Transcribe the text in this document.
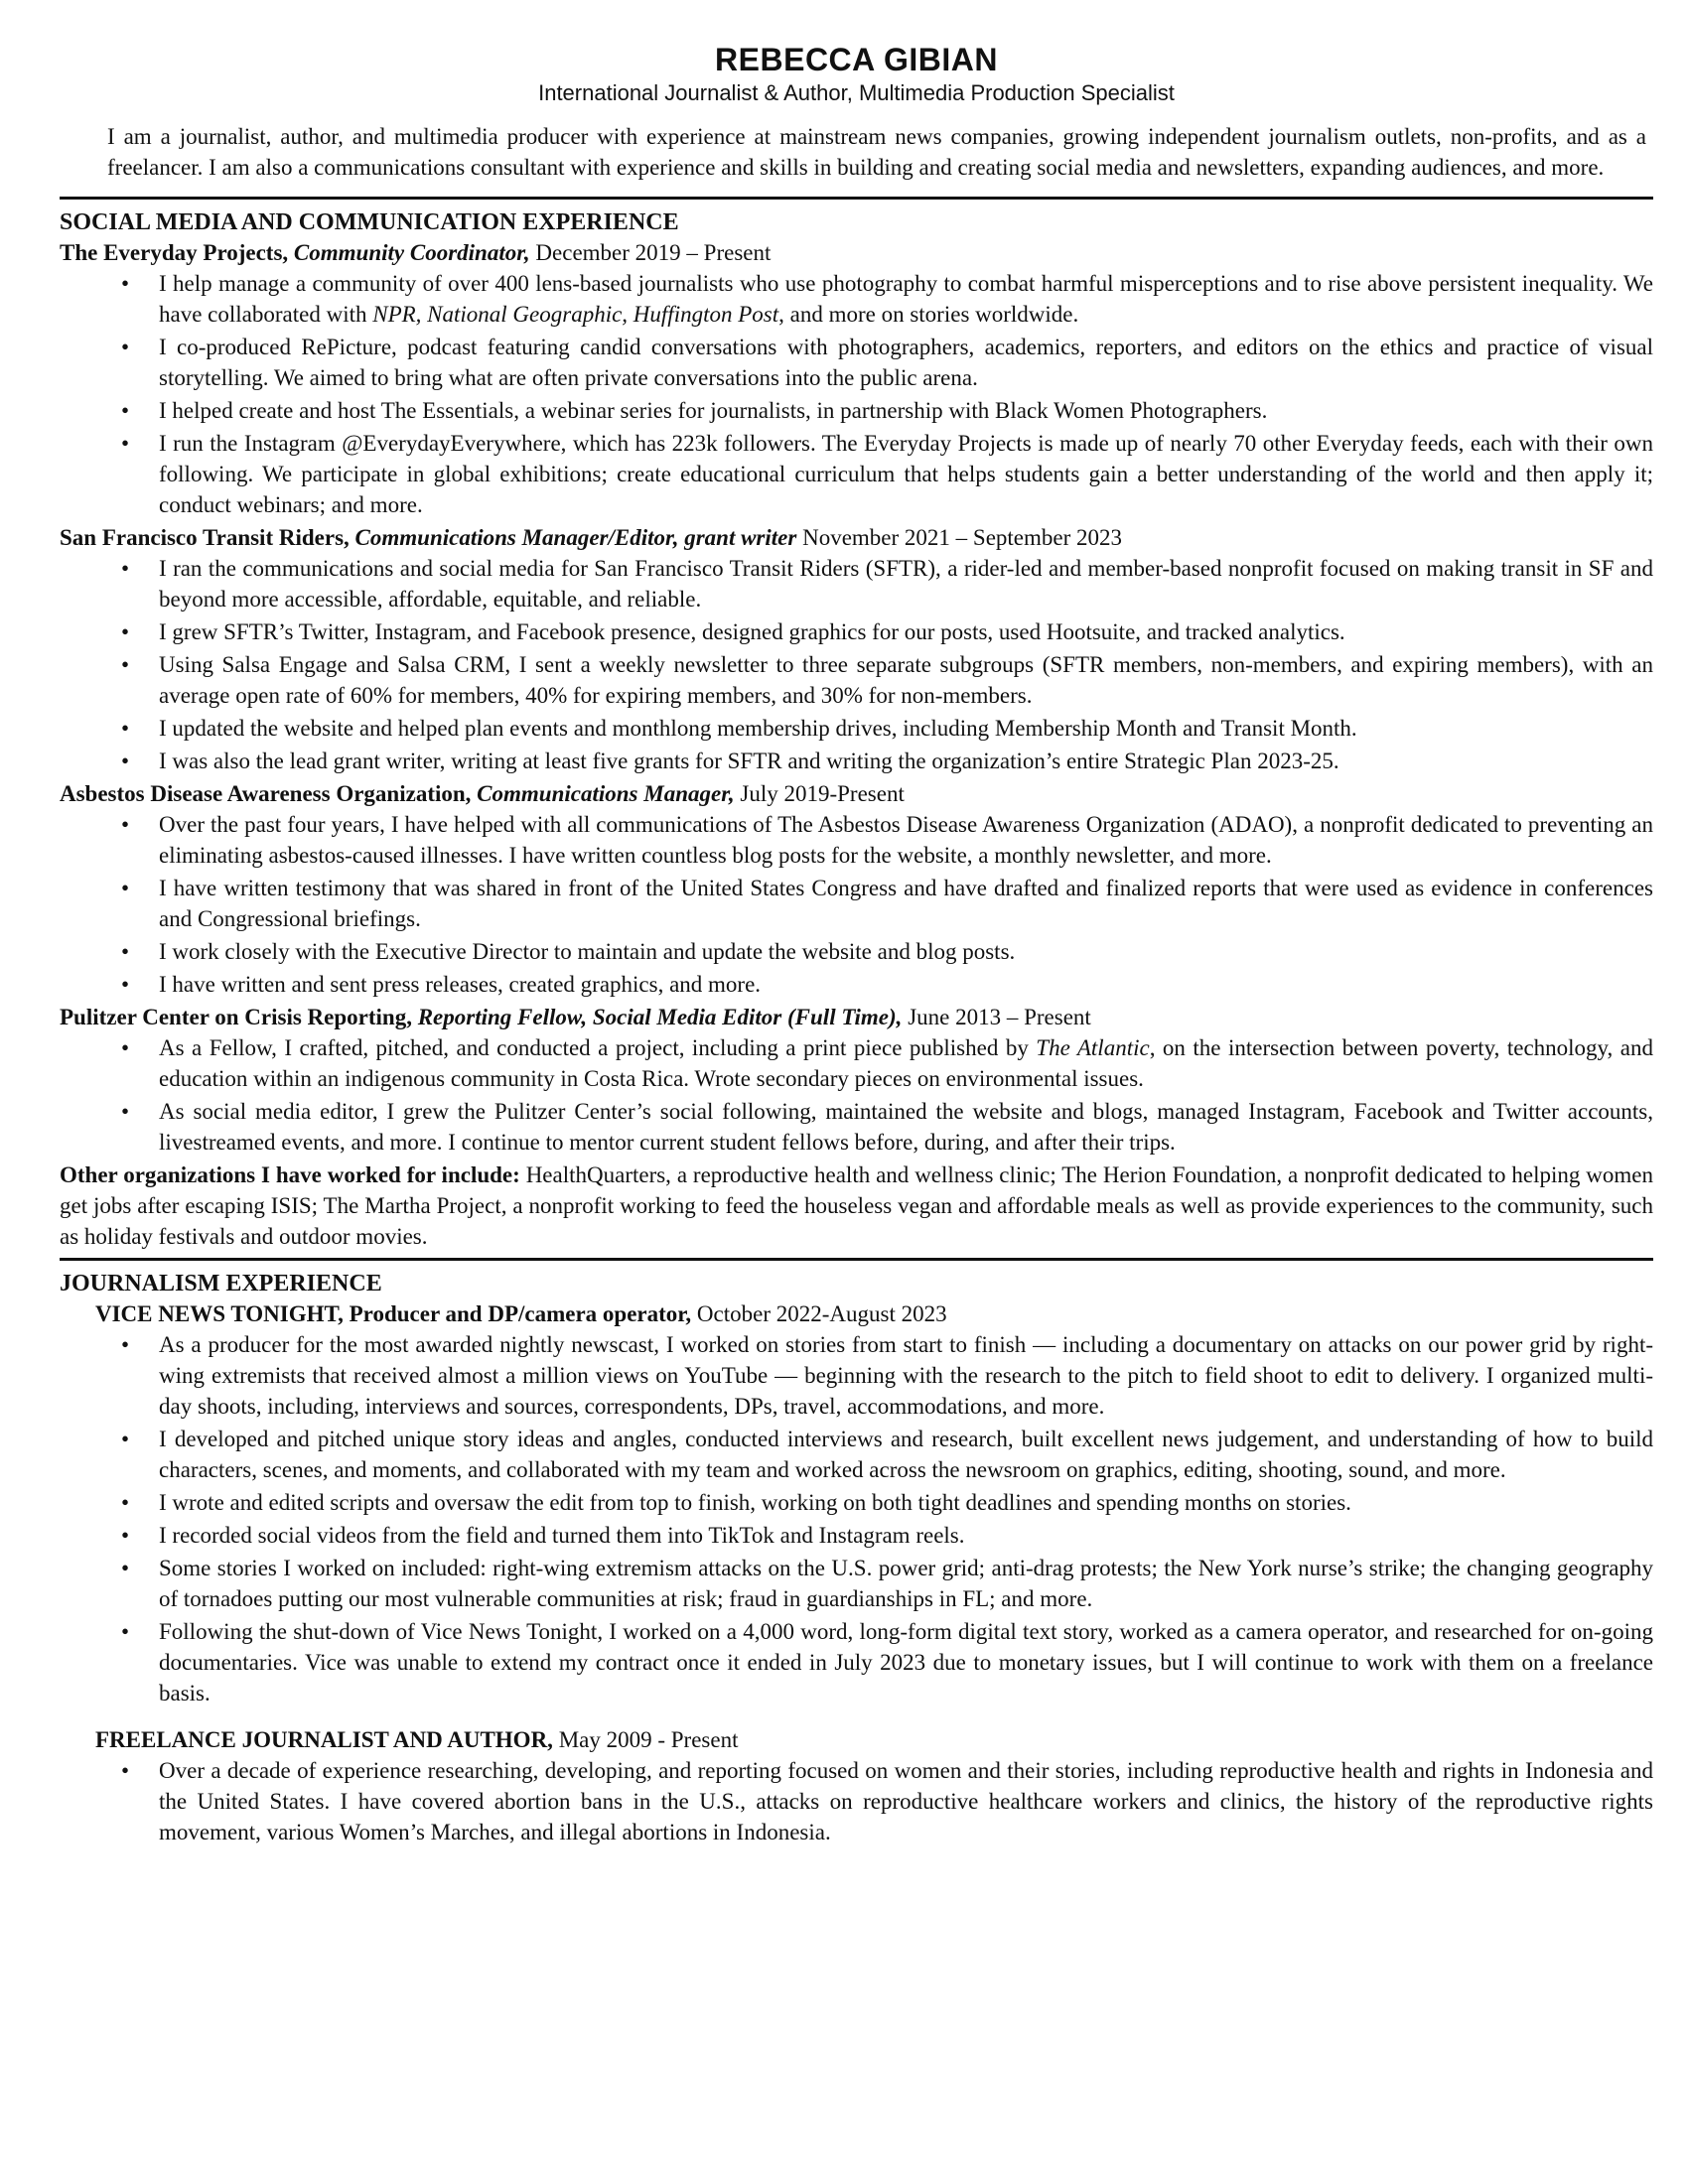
REBECCA GIBIAN

International Journalist & Author, Multimedia Production Specialist

I am a journalist, author, and multimedia producer with experience at mainstream news companies, growing independent journalism outlets, non-profits, and as a freelancer. I am also a communications consultant with experience and skills in building and creating social media and newsletters, expanding audiences, and more.

SOCIAL MEDIA AND COMMUNICATION EXPERIENCE

The Everyday Projects, Community Coordinator, December 2019 – Present

• I help manage a community of over 400 lens-based journalists who use photography to combat harmful misperceptions and to rise above persistent inequality. We have collaborated with NPR, National Geographic, Huffington Post, and more on stories worldwide.
• I co-produced RePicture, podcast featuring candid conversations with photographers, academics, reporters, and editors on the ethics and practice of visual storytelling. We aimed to bring what are often private conversations into the public arena.
• I helped create and host The Essentials, a webinar series for journalists, in partnership with Black Women Photographers.
• I run the Instagram @EverydayEverywhere, which has 223k followers. The Everyday Projects is made up of nearly 70 other Everyday feeds, each with their own following. We participate in global exhibitions; create educational curriculum that helps students gain a better understanding of the world and then apply it; conduct webinars; and more.

San Francisco Transit Riders, Communications Manager/Editor, grant writer November 2021 – September 2023

• I ran the communications and social media for San Francisco Transit Riders (SFTR), a rider-led and member-based nonprofit focused on making transit in SF and beyond more accessible, affordable, equitable, and reliable.
• I grew SFTR’s Twitter, Instagram, and Facebook presence, designed graphics for our posts, used Hootsuite, and tracked analytics.
• Using Salsa Engage and Salsa CRM, I sent a weekly newsletter to three separate subgroups (SFTR members, non-members, and expiring members), with an average open rate of 60% for members, 40% for expiring members, and 30% for non-members.
• I updated the website and helped plan events and monthlong membership drives, including Membership Month and Transit Month.
• I was also the lead grant writer, writing at least five grants for SFTR and writing the organization’s entire Strategic Plan 2023-25.

Asbestos Disease Awareness Organization, Communications Manager, July 2019-Present

• Over the past four years, I have helped with all communications of The Asbestos Disease Awareness Organization (ADAO), a nonprofit dedicated to preventing an eliminating asbestos-caused illnesses. I have written countless blog posts for the website, a monthly newsletter, and more.
• I have written testimony that was shared in front of the United States Congress and have drafted and finalized reports that were used as evidence in conferences and Congressional briefings.
• I work closely with the Executive Director to maintain and update the website and blog posts.
• I have written and sent press releases, created graphics, and more.

Pulitzer Center on Crisis Reporting, Reporting Fellow, Social Media Editor (Full Time), June 2013 – Present

• As a Fellow, I crafted, pitched, and conducted a project, including a print piece published by The Atlantic, on the intersection between poverty, technology, and education within an indigenous community in Costa Rica. Wrote secondary pieces on environmental issues.
• As social media editor, I grew the Pulitzer Center’s social following, maintained the website and blogs, managed Instagram, Facebook and Twitter accounts, livestreamed events, and more. I continue to mentor current student fellows before, during, and after their trips.

Other organizations I have worked for include: HealthQuarters, a reproductive health and wellness clinic; The Herion Foundation, a nonprofit dedicated to helping women get jobs after escaping ISIS; The Martha Project, a nonprofit working to feed the houseless vegan and affordable meals as well as provide experiences to the community, such as holiday festivals and outdoor movies.

JOURNALISM EXPERIENCE

VICE NEWS TONIGHT, Producer and DP/camera operator, October 2022-August 2023

• As a producer for the most awarded nightly newscast, I worked on stories from start to finish — including a documentary on attacks on our power grid by right-wing extremists that received almost a million views on YouTube — beginning with the research to the pitch to field shoot to edit to delivery. I organized multi-day shoots, including, interviews and sources, correspondents, DPs, travel, accommodations, and more.
• I developed and pitched unique story ideas and angles, conducted interviews and research, built excellent news judgement, and understanding of how to build characters, scenes, and moments, and collaborated with my team and worked across the newsroom on graphics, editing, shooting, sound, and more.
• I wrote and edited scripts and oversaw the edit from top to finish, working on both tight deadlines and spending months on stories.
• I recorded social videos from the field and turned them into TikTok and Instagram reels.
• Some stories I worked on included: right-wing extremism attacks on the U.S. power grid; anti-drag protests; the New York nurse’s strike; the changing geography of tornadoes putting our most vulnerable communities at risk; fraud in guardianships in FL; and more.
• Following the shut-down of Vice News Tonight, I worked on a 4,000 word, long-form digital text story, worked as a camera operator, and researched for on-going documentaries. Vice was unable to extend my contract once it ended in July 2023 due to monetary issues, but I will continue to work with them on a freelance basis.

FREELANCE JOURNALIST AND AUTHOR, May 2009 - Present

• Over a decade of experience researching, developing, and reporting focused on women and their stories, including reproductive health and rights in Indonesia and the United States. I have covered abortion bans in the U.S., attacks on reproductive healthcare workers and clinics, the history of the reproductive rights movement, various Women’s Marches, and illegal abortions in Indonesia.
